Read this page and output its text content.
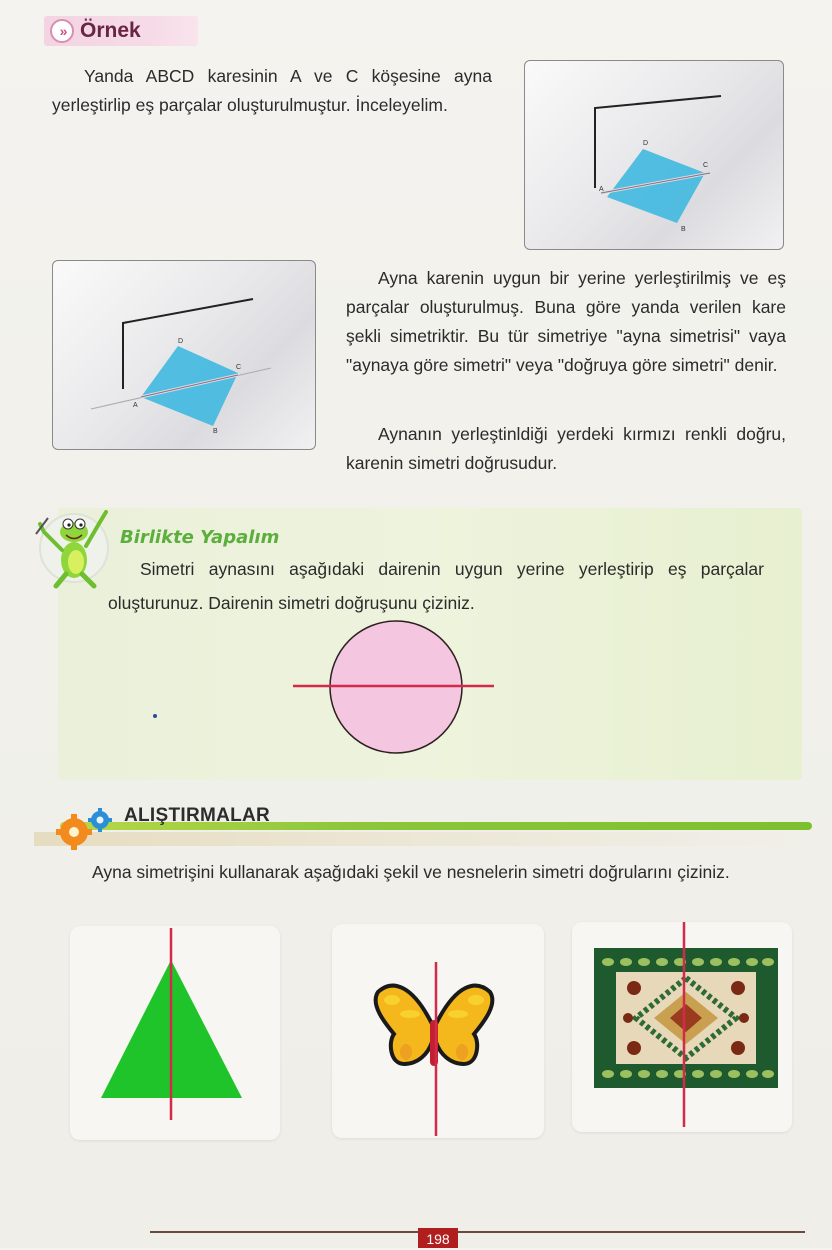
» Örnek

Yanda ABCD karesinin A ve C köşesine ayna yerleştirlip eş parçalar oluşturulmuştur. İnceleyelim.

A
C
D
B
A
C
D
B

Ayna karenin uygun bir yerine yerleştirilmiş ve eş parçalar oluşturulmuş. Buna göre yanda verilen kare şekli simetriktir. Bu tür simetriye "ayna simetrisi" vaya "aynaya göre simetri" veya "doğruya göre simetri" denir.

Aynanın yerleştinldiği yerdeki kırmızı renkli doğru, karenin simetri doğrusudur.

Birlikte Yapalım

Simetri aynasını aşağıdaki dairenin uygun yerine yerleştirip eş parçalar oluşturunuz. Dairenin simetri doğruşunu çiziniz.

ALIŞTIRMALAR

Ayna simetrişini kullanarak aşağıdaki şekil ve nesnelerin simetri doğrularını çiziniz.

198
